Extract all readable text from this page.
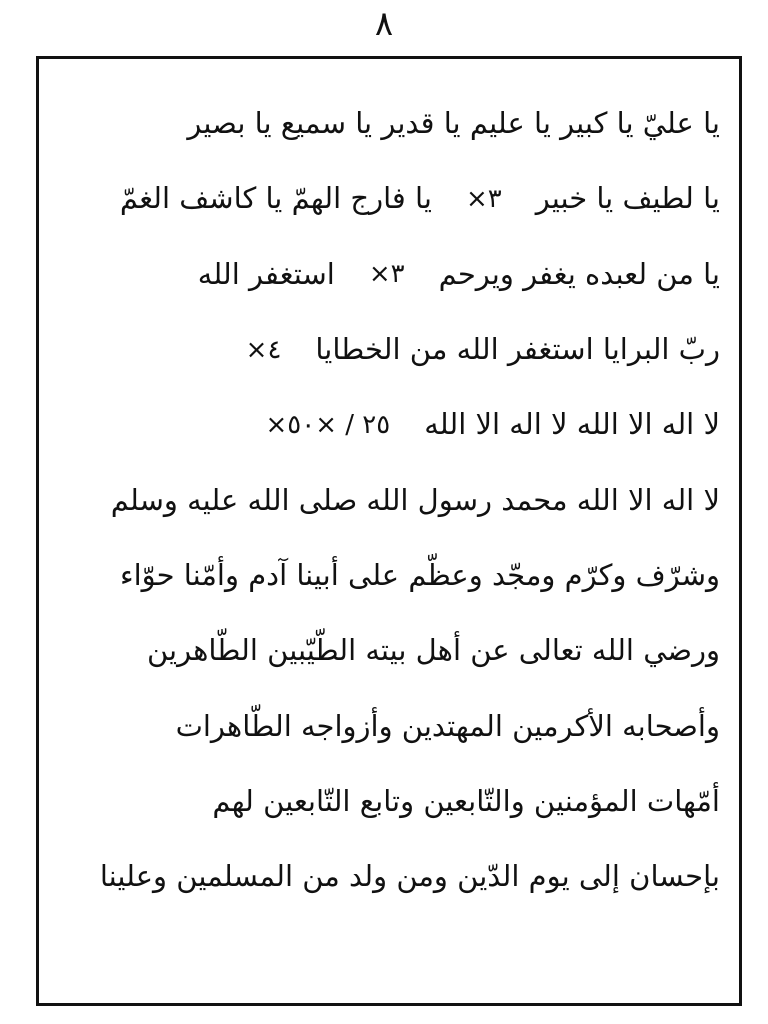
٨
يا عليّ يا كبير يا عليم يا قدير يا سميع يا بصير
يا لطيف يا خبير
×٣
يا فارج الهمّ يا كاشف الغمّ
يا من لعبده يغفر ويرحم
×٣
استغفر الله
ربّ البرايا استغفر الله من الخطايا
×٤
لا اله الا الله لا اله الا الله
×٢٥ / ×٥٠
لا اله الا الله محمد رسول الله صلى الله عليه وسلم
وشرّف وكرّم ومجّد وعظّم على أبينا آدم وأمّنا حوّاء
ورضي الله تعالى عن أهل بيته الطّيّبين الطّاهرين
وأصحابه الأكرمين المهتدين وأزواجه الطّاهرات
أمّهات المؤمنين والتّابعين وتابع التّابعين لهم
بإحسان إلى يوم الدّين ومن ولد من المسلمين وعلينا
